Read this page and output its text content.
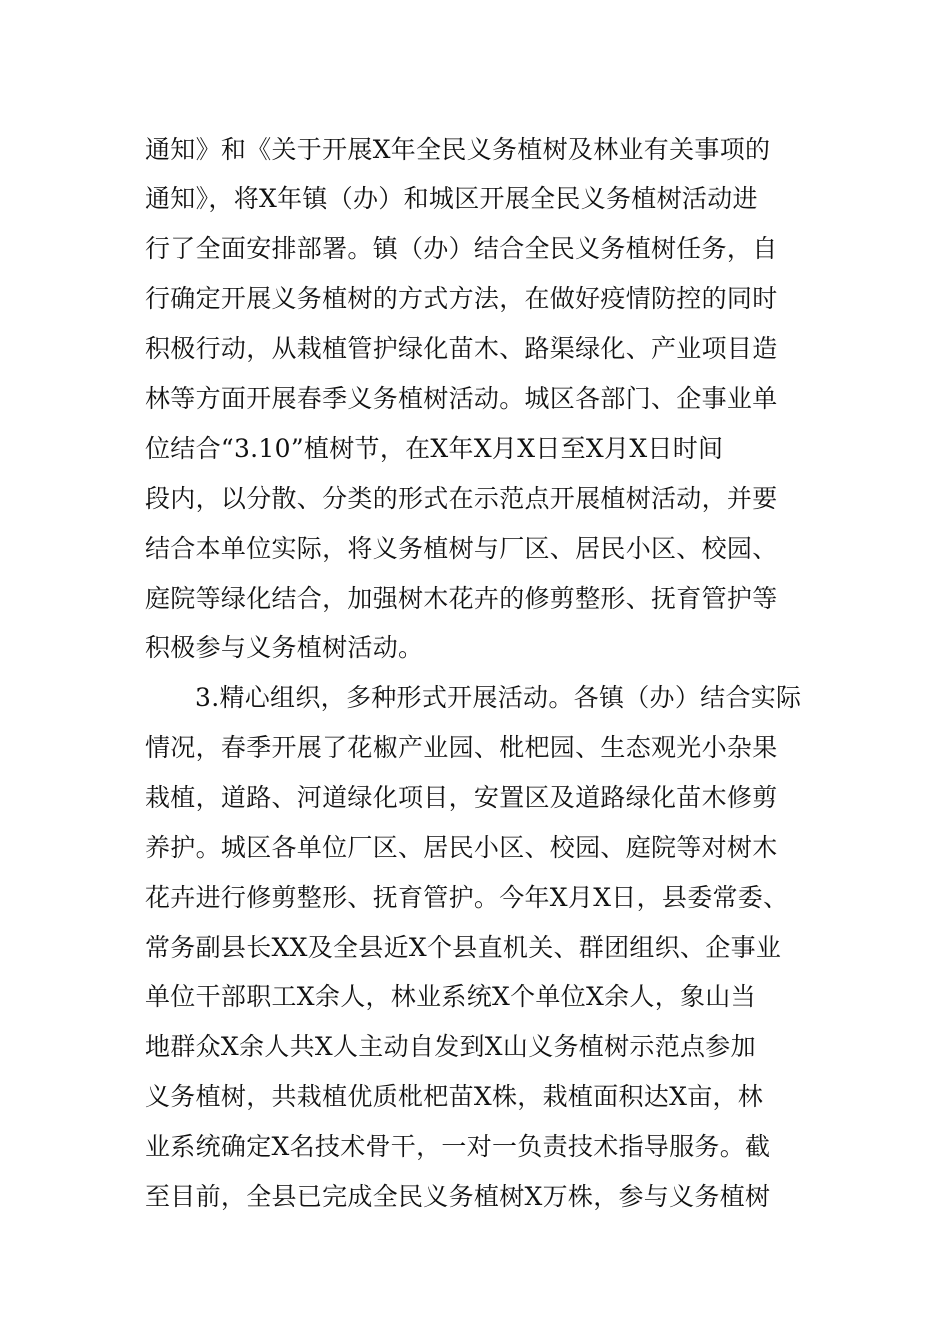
通知》和《关于开展X年全民义务植树及林业有关事项的
通知》，将X年镇（办）和城区开展全民义务植树活动进
行了全面安排部署。镇（办）结合全民义务植树任务，自
行确定开展义务植树的方式方法，在做好疫情防控的同时
积极行动，从栽植管护绿化苗木、路渠绿化、产业项目造
林等方面开展春季义务植树活动。城区各部门、企事业单
位结合“3.10”植树节，在X年X月X日至X月X日时间
段内，以分散、分类的形式在示范点开展植树活动，并要
结合本单位实际，将义务植树与厂区、居民小区、校园、
庭院等绿化结合，加强树木花卉的修剪整形、抚育管护等
积极参与义务植树活动。
3.精心组织，多种形式开展活动。各镇（办）结合实际
情况，春季开展了花椒产业园、枇杷园、生态观光小杂果
栽植，道路、河道绿化项目，安置区及道路绿化苗木修剪
养护。城区各单位厂区、居民小区、校园、庭院等对树木
花卉进行修剪整形、抚育管护。今年X月X日，县委常委、
常务副县长XX及全县近X个县直机关、群团组织、企事业
单位干部职工X余人，林业系统X个单位X余人，象山当
地群众X余人共X人主动自发到X山义务植树示范点参加
义务植树，共栽植优质枇杷苗X株，栽植面积达X亩，林
业系统确定X名技术骨干，一对一负责技术指导服务。截
至目前，全县已完成全民义务植树X万株，参与义务植树
